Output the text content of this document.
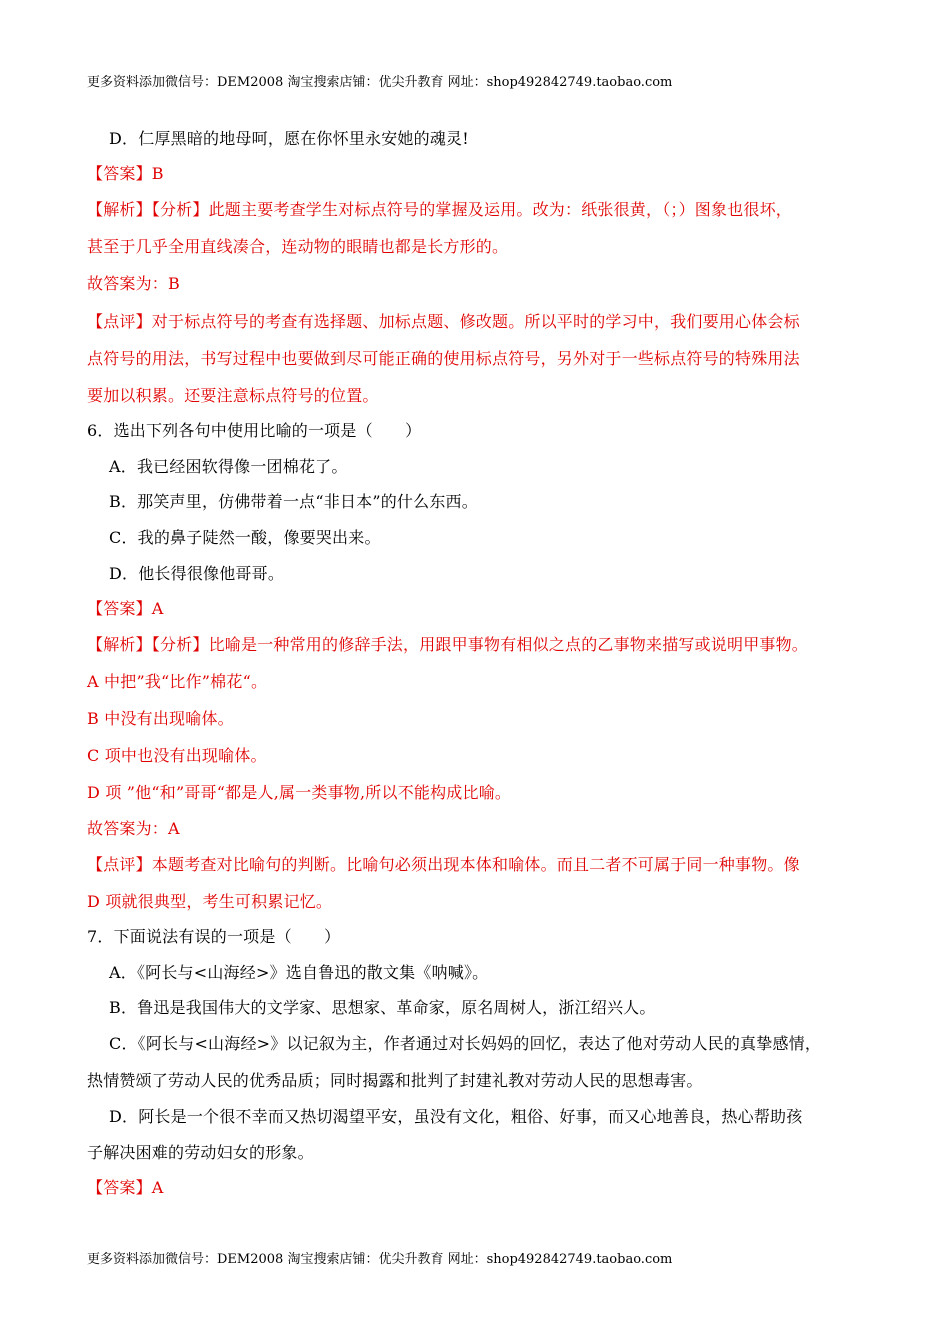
更多资料添加微信号：DEM2008 淘宝搜索店铺：优尖升教育 网址：shop492842749.taobao.com
D．仁厚黑暗的地母呵，愿在你怀里永安她的魂灵!
【答案】B
【解析】【分析】此题主要考查学生对标点符号的掌握及运用。改为：纸张很黄，（；）图象也很坏，
甚至于几乎全用直线凑合，连动物的眼睛也都是长方形的。
故答案为：B
【点评】对于标点符号的考查有选择题、加标点题、修改题。所以平时的学习中，我们要用心体会标
点符号的用法，书写过程中也要做到尽可能正确的使用标点符号，另外对于一些标点符号的特殊用法
要加以积累。还要注意标点符号的位置。
6．选出下列各句中使用比喻的一项是（　　）
A．我已经困软得像一团棉花了。
B．那笑声里，仿佛带着一点“非日本”的什么东西。
C．我的鼻子陡然一酸，像要哭出来。
D．他长得很像他哥哥。
【答案】A
【解析】【分析】比喻是一种常用的修辞手法，用跟甲事物有相似之点的乙事物来描写或说明甲事物。
A 中把”我“比作”棉花“。
B 中没有出现喻体。
C 项中也没有出现喻体。
D 项 ”他“和”哥哥“都是人,属一类事物,所以不能构成比喻。
故答案为：A
【点评】本题考查对比喻句的判断。比喻句必须出现本体和喻体。而且二者不可属于同一种事物。像
D 项就很典型，考生可积累记忆。
7．下面说法有误的一项是（　　）
A．《阿长与<山海经>》选自鲁迅的散文集《呐喊》。
B．鲁迅是我国伟大的文学家、思想家、革命家，原名周树人，浙江绍兴人。
C．《阿长与<山海经>》以记叙为主，作者通过对长妈妈的回忆，表达了他对劳动人民的真挚感情，
热情赞颂了劳动人民的优秀品质；同时揭露和批判了封建礼教对劳动人民的思想毒害。
D．阿长是一个很不幸而又热切渴望平安，虽没有文化，粗俗、好事，而又心地善良，热心帮助孩
子解决困难的劳动妇女的形象。
【答案】A
更多资料添加微信号：DEM2008 淘宝搜索店铺：优尖升教育 网址：shop492842749.taobao.com
